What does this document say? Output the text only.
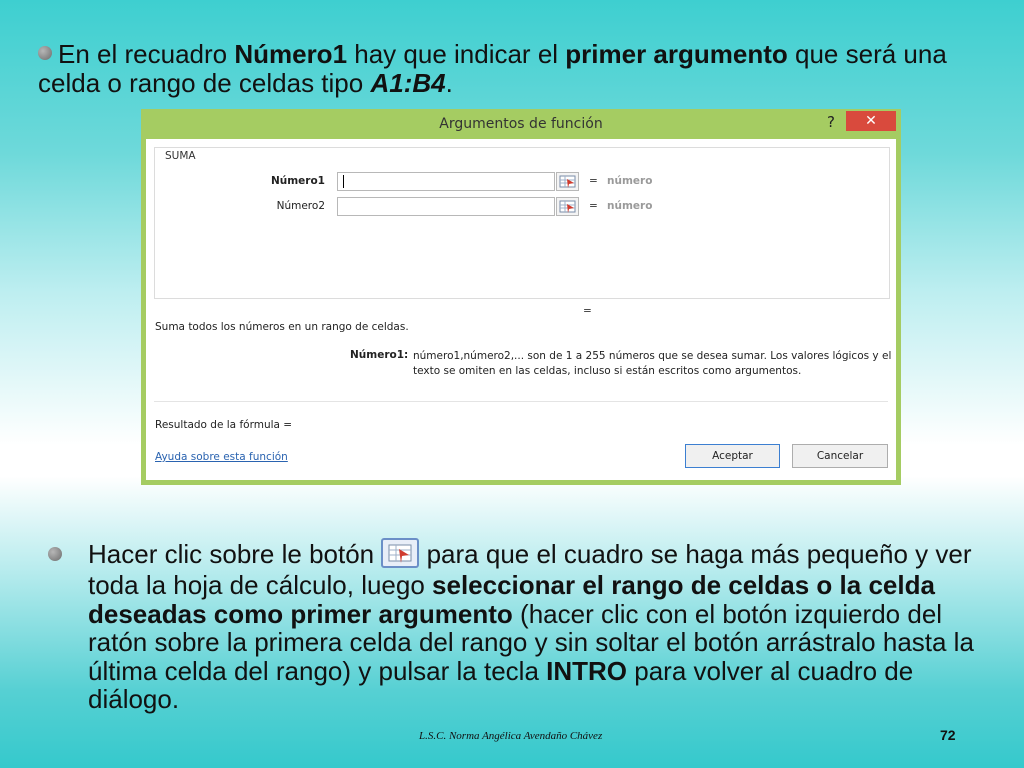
En el recuadro Número1 hay que indicar el primer argumento que será una celda o rango de celdas tipo A1:B4.
Argumentos de función	?	✕
SUMA
Número1	= número
Número2	= número
=
Suma todos los números en un rango de celdas.
Número1: número1,número2,... son de 1 a 255 números que se desea sumar. Los valores lógicos y el texto se omiten en las celdas, incluso si están escritos como argumentos.
Resultado de la fórmula =
Ayuda sobre esta función	Aceptar	Cancelar
Hacer clic sobre le botón  para que el cuadro se haga más pequeño y ver toda la hoja de cálculo, luego seleccionar el rango de celdas o la celda deseadas como primer argumento (hacer clic con el botón izquierdo del ratón sobre la primera celda del rango y sin soltar el botón arrástralo hasta la última celda del rango) y pulsar la tecla INTRO para volver al cuadro de diálogo.
L.S.C. Norma Angélica Avendaño Chávez	72
